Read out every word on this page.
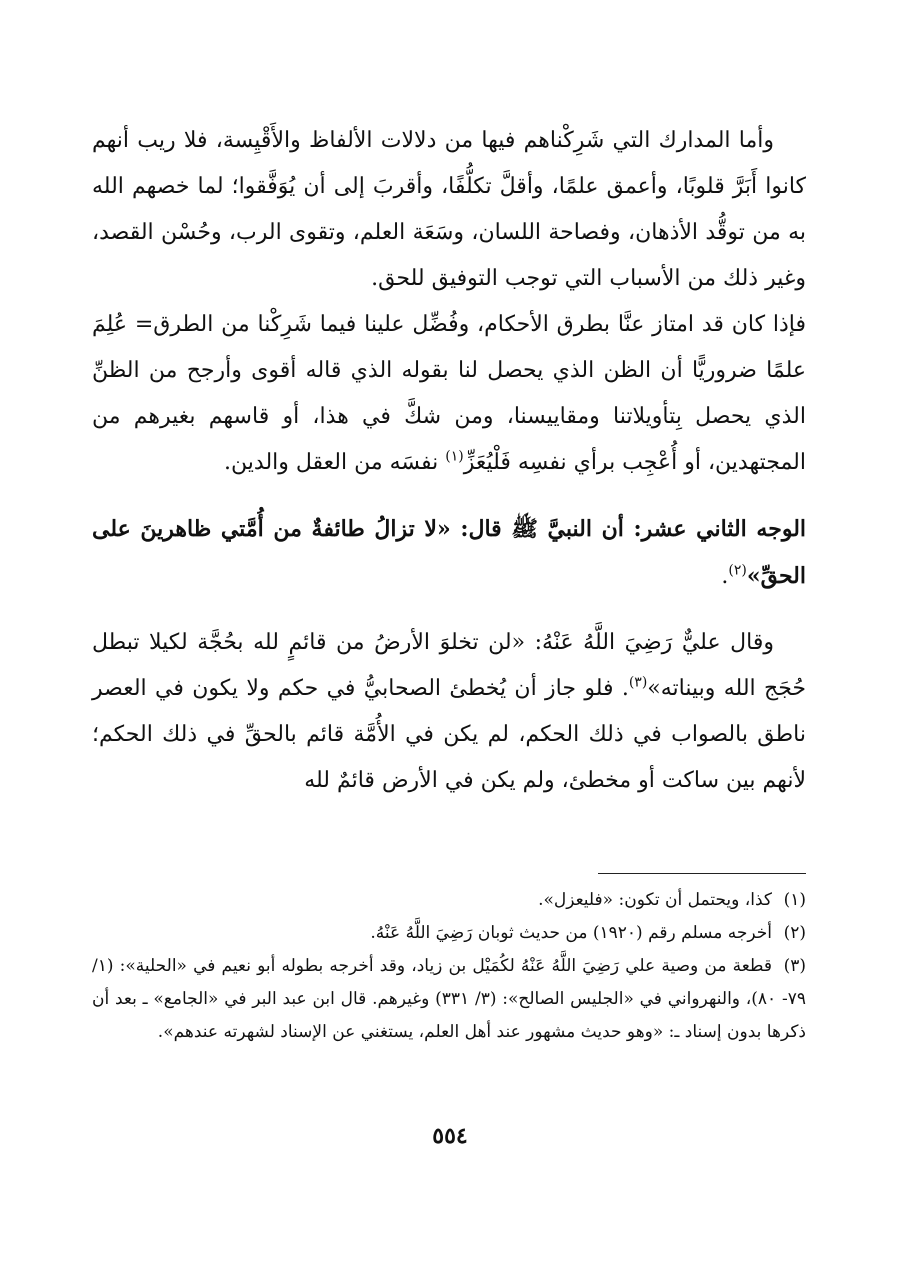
وأما المدارك التي شَرِكْناهم فيها من دلالات الألفاظ والأَقْيِسة، فلا ريب أنهم كانوا أَبَرَّ قلوبًا، وأعمق علمًا، وأقلَّ تكلُّفًا، وأقربَ إلى أن يُوَفَّقوا؛ لما خصهم الله به من توقُّد الأذهان، وفصاحة اللسان، وسَعَة العلم، وتقوى الرب، وحُسْن القصد، وغير ذلك من الأسباب التي توجب التوفيق للحق.

فإذا كان قد امتاز عنَّا بطرق الأحكام، وفُضِّل علينا فيما شَرِكْنا من الطرق= عُلِمَ علمًا ضروريًّا أن الظن الذي يحصل لنا بقوله الذي قاله أقوى وأرجح من الظنِّ الذي يحصل بِتأويلاتنا ومقاييسنا، ومن شكَّ في هذا، أو قاسهم بغيرهم من المجتهدين، أو أُعْجِب برأي نفسِه فَلْيُعَزِّ$^{(١)}$ نفسَه من العقل والدين.

الوجه الثاني عشر: أن النبيَّ ﷺ قال: «لا تزالُ طائفةٌ من أُمَّتي ظاهرينَ على الحقِّ»$^{(٢)}$.

وقال عليٌّ رَضِيَ اللَّهُ عَنْهُ: «لن تخلوَ الأرضُ من قائمٍ لله بحُجَّة لكيلا تبطل حُجَج الله وبيناته»$^{(٣)}$. فلو جاز أن يُخطئ الصحابيُّ في حكم ولا يكون في العصر ناطق بالصواب في ذلك الحكم، لم يكن في الأُمَّة قائم بالحقِّ في ذلك الحكم؛ لأنهم بين ساكت أو مخطئ، ولم يكن في الأرض قائمٌ لله

(١)كذا، ويحتمل أن تكون: «فليعزل».

(٢)أخرجه مسلم رقم (١٩٢٠) من حديث ثوبان رَضِيَ اللَّهُ عَنْهُ.

(٣)قطعة من وصية علي رَضِيَ اللَّهُ عَنْهُ لكُمَيْل بن زياد، وقد أخرجه بطوله أبو نعيم في «الحلية»: (١/ ٧٩- ٨٠)، والنهرواني في «الجليس الصالح»: (٣/ ٣٣١) وغيرهم. قال ابن عبد البر في «الجامع» ـ بعد أن ذكرها بدون إسناد ـ: «وهو حديث مشهور عند أهل العلم، يستغني عن الإسناد لشهرته عندهم».

٥٥٤
